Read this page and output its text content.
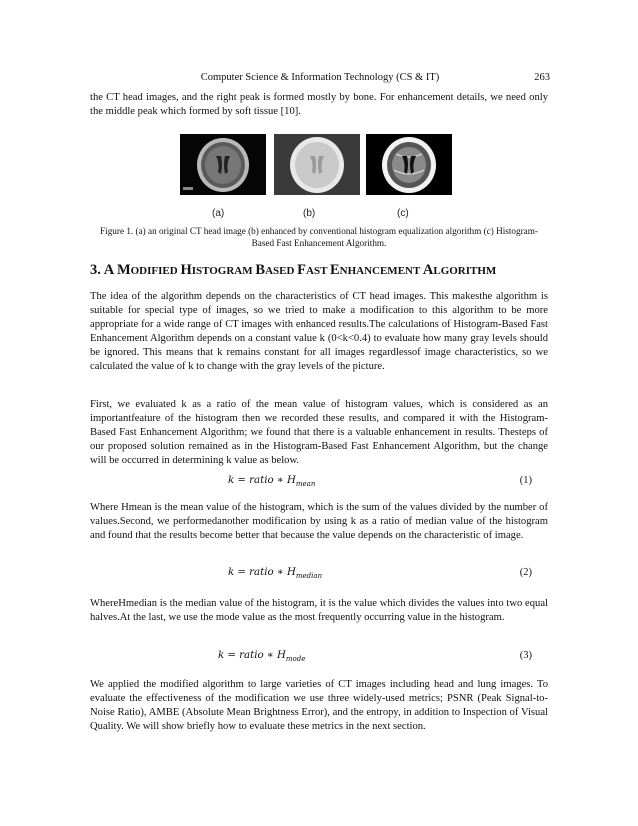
Computer Science & Information Technology (CS & IT)	263

the CT head images, and the right peak is formed mostly by bone. For enhancement details, we need only the middle peak which formed by soft tissue [10].

(a)	(b)	(c)

Figure 1. (a) an original CT head image (b) enhanced by conventional histogram equalization algorithm (c) Histogram-Based Fast Enhancement Algorithm.

3. A MODIFIED HISTOGRAM BASED FAST ENHANCEMENT ALGORITHM

The idea of the algorithm depends on the characteristics of CT head images. This makesthe algorithm is suitable for special type of images, so we tried to make a modification to this algorithm to be more appropriate for a wide range of CT images with enhanced results.The calculations of Histogram-Based Fast Enhancement Algorithm depends on a constant value k (0<k<0.4) to evaluate how many gray levels should be ignored. This means that k remains constant for all images regardlessof image characteristics, so we calculated the value of k to change with the gray levels of the picture.

First, we evaluated k as a ratio of the mean value of histogram values, which is considered as an importantfeature of the histogram then we recorded these results, and compared it with the Histogram-Based Fast Enhancement Algorithm; we found that there is a valuable enhancement in results. Thesteps of our proposed solution remained as in the Histogram-Based Fast Enhancement Algorithm, but the change will be occurred in determining k value as below.

k = ratio ∗ $H_{mean}$	(1)

Where Hmean is the mean value of the histogram, which is the sum of the values divided by the number of values.Second, we performedanother modification by using k as a ratio of median value of the histogram and found that the results become better that because the value depends on the characteristic of image.

k = ratio ∗ $H_{median}$	(2)

WhereHmedian is the median value of the histogram, it is the value which divides the values into two equal halves.At the last, we use the mode value as the most frequently occurring value in the histogram.

k = ratio ∗ $H_{mode}$	(3)

We applied the modified algorithm to large varieties of CT images including head and lung images. To evaluate the effectiveness of the modification we use three widely-used metrics; PSNR (Peak Signal-to-Noise Ratio), AMBE (Absolute Mean Brightness Error), and the entropy, in addition to Inspection of Visual Quality. We will show briefly how to evaluate these metrics in the next section.
